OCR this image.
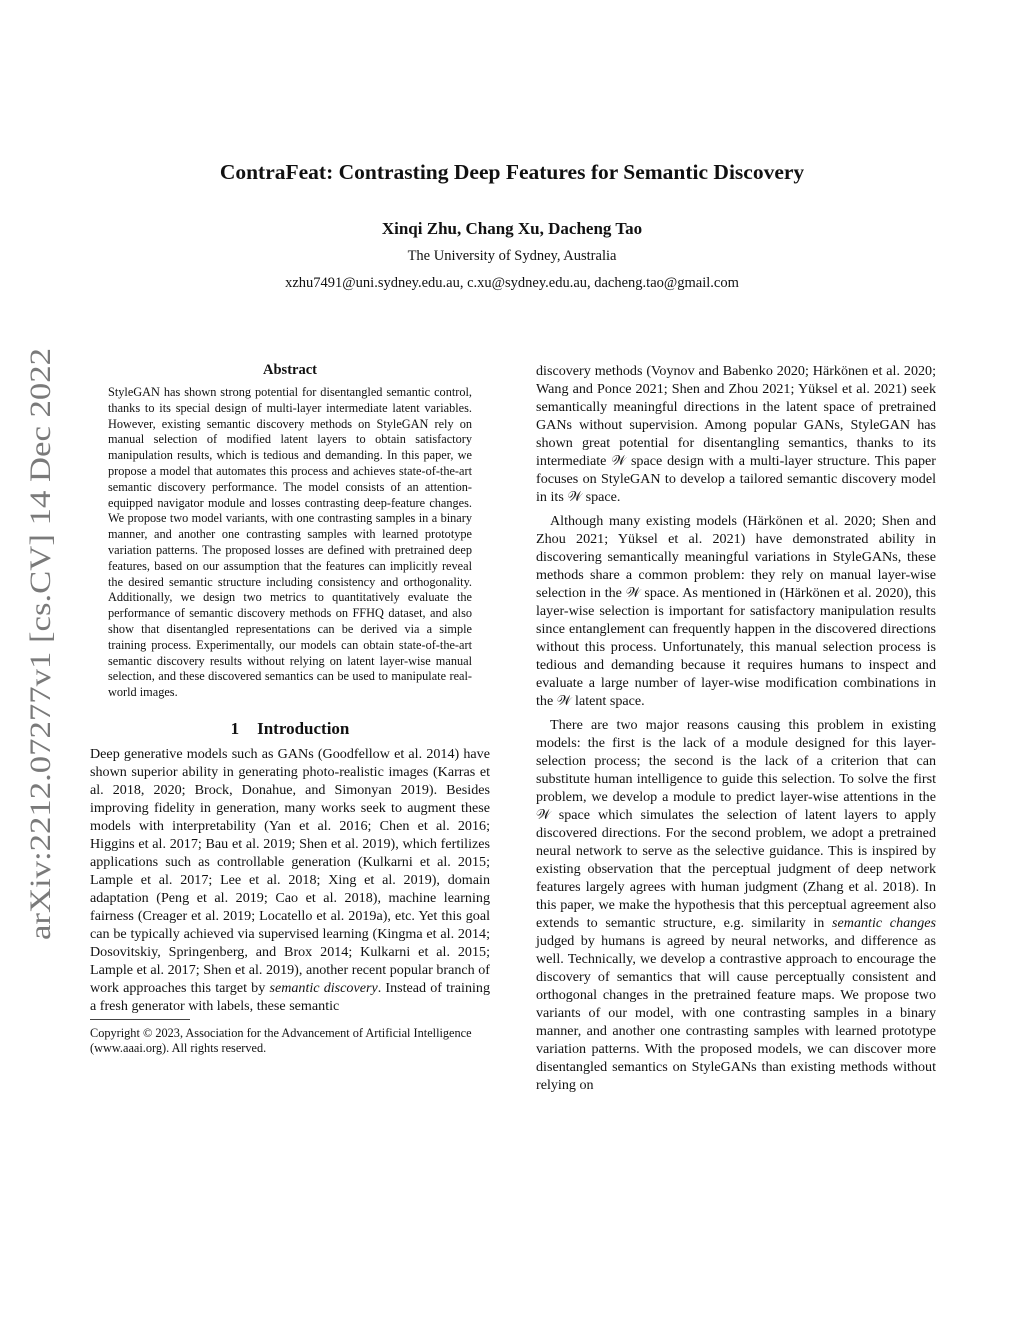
arXiv:2212.07277v1 [cs.CV] 14 Dec 2022
ContraFeat: Contrasting Deep Features for Semantic Discovery
Xinqi Zhu, Chang Xu, Dacheng Tao
The University of Sydney, Australia
xzhu7491@uni.sydney.edu.au, c.xu@sydney.edu.au, dacheng.tao@gmail.com
Abstract

StyleGAN has shown strong potential for disentangled semantic control, thanks to its special design of multi-layer intermediate latent variables. However, existing semantic discovery methods on StyleGAN rely on manual selection of modified latent layers to obtain satisfactory manipulation results, which is tedious and demanding. In this paper, we propose a model that automates this process and achieves state-of-the-art semantic discovery performance. The model consists of an attention-equipped navigator module and losses contrasting deep-feature changes. We propose two model variants, with one contrasting samples in a binary manner, and another one contrasting samples with learned prototype variation patterns. The proposed losses are defined with pretrained deep features, based on our assumption that the features can implicitly reveal the desired semantic structure including consistency and orthogonality. Additionally, we design two metrics to quantitatively evaluate the performance of semantic discovery methods on FFHQ dataset, and also show that disentangled representations can be derived via a simple training process. Experimentally, our models can obtain state-of-the-art semantic discovery results without relying on latent layer-wise manual selection, and these discovered semantics can be used to manipulate real-world images.

1 Introduction

Deep generative models such as GANs (Goodfellow et al. 2014) have shown superior ability in generating photo-realistic images (Karras et al. 2018, 2020; Brock, Donahue, and Simonyan 2019). Besides improving fidelity in generation, many works seek to augment these models with interpretability (Yan et al. 2016; Chen et al. 2016; Higgins et al. 2017; Bau et al. 2019; Shen et al. 2019), which fertilizes applications such as controllable generation (Kulkarni et al. 2015; Lample et al. 2017; Lee et al. 2018; Xing et al. 2019), domain adaptation (Peng et al. 2019; Cao et al. 2018), machine learning fairness (Creager et al. 2019; Locatello et al. 2019a), etc. Yet this goal can be typically achieved via supervised learning (Kingma et al. 2014; Dosovitskiy, Springenberg, and Brox 2014; Kulkarni et al. 2015; Lample et al. 2017; Shen et al. 2019), another recent popular branch of work approaches this target by semantic discovery. Instead of training a fresh generator with labels, these semantic

Copyright © 2023, Association for the Advancement of Artificial Intelligence (www.aaai.org). All rights reserved.

discovery methods (Voynov and Babenko 2020; Härkönen et al. 2020; Wang and Ponce 2021; Shen and Zhou 2021; Yüksel et al. 2021) seek semantically meaningful directions in the latent space of pretrained GANs without supervision. Among popular GANs, StyleGAN has shown great potential for disentangling semantics, thanks to its intermediate 𝒲 space design with a multi-layer structure. This paper focuses on StyleGAN to develop a tailored semantic discovery model in its 𝒲 space.

Although many existing models (Härkönen et al. 2020; Shen and Zhou 2021; Yüksel et al. 2021) have demonstrated ability in discovering semantically meaningful variations in StyleGANs, these methods share a common problem: they rely on manual layer-wise selection in the 𝒲 space. As mentioned in (Härkönen et al. 2020), this layer-wise selection is important for satisfactory manipulation results since entanglement can frequently happen in the discovered directions without this process. Unfortunately, this manual selection process is tedious and demanding because it requires humans to inspect and evaluate a large number of layer-wise modification combinations in the 𝒲 latent space.

There are two major reasons causing this problem in existing models: the first is the lack of a module designed for this layer-selection process; the second is the lack of a criterion that can substitute human intelligence to guide this selection. To solve the first problem, we develop a module to predict layer-wise attentions in the 𝒲 space which simulates the selection of latent layers to apply discovered directions. For the second problem, we adopt a pretrained neural network to serve as the selective guidance. This is inspired by existing observation that the perceptual judgment of deep network features largely agrees with human judgment (Zhang et al. 2018). In this paper, we make the hypothesis that this perceptual agreement also extends to semantic structure, e.g. similarity in semantic changes judged by humans is agreed by neural networks, and difference as well. Technically, we develop a contrastive approach to encourage the discovery of semantics that will cause perceptually consistent and orthogonal changes in the pretrained feature maps. We propose two variants of our model, with one contrasting samples in a binary manner, and another one contrasting samples with learned prototype variation patterns. With the proposed models, we can discover more disentangled semantics on StyleGANs than existing methods without relying on
